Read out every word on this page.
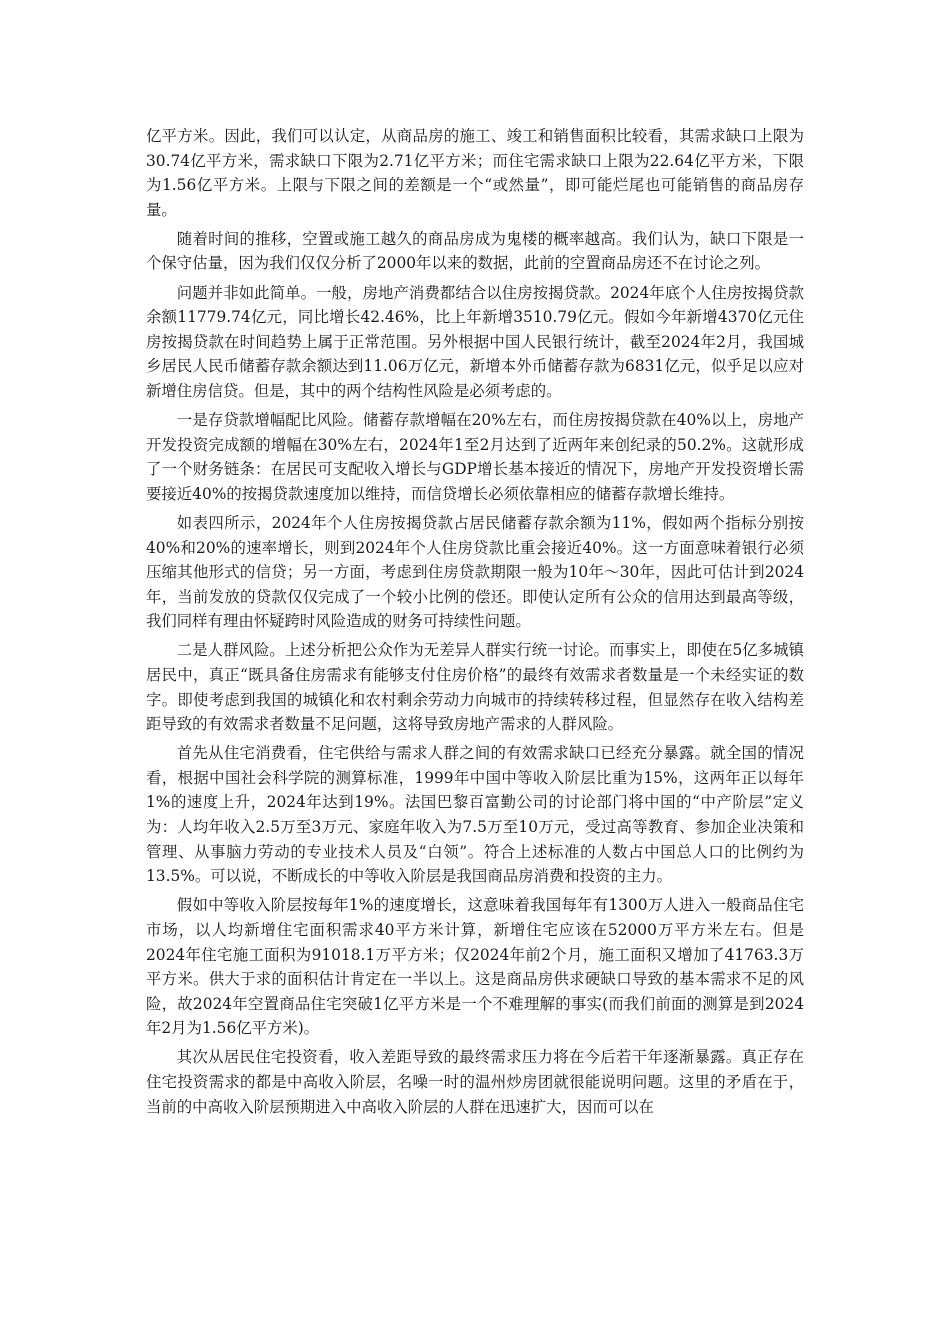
亿平方米。因此，我们可以认定，从商品房的施工、竣工和销售面积比较看，其需求缺口上限为30.74亿平方米，需求缺口下限为2.71亿平方米；而住宅需求缺口上限为22.64亿平方米，下限为1.56亿平方米。上限与下限之间的差额是一个“或然量”，即可能烂尾也可能销售的商品房存量。

随着时间的推移，空置或施工越久的商品房成为鬼楼的概率越高。我们认为，缺口下限是一个保守估量，因为我们仅仅分析了2000年以来的数据，此前的空置商品房还不在讨论之列。

问题并非如此简单。一般，房地产消费都结合以住房按揭贷款。2024年底个人住房按揭贷款余额11779.74亿元，同比增长42.46%，比上年新增3510.79亿元。假如今年新增4370亿元住房按揭贷款在时间趋势上属于正常范围。另外根据中国人民银行统计，截至2024年2月，我国城乡居民人民币储蓄存款余额达到11.06万亿元，新增本外币储蓄存款为6831亿元，似乎足以应对新增住房信贷。但是，其中的两个结构性风险是必须考虑的。

一是存贷款增幅配比风险。储蓄存款增幅在20%左右，而住房按揭贷款在40%以上，房地产开发投资完成额的增幅在30%左右，2024年1至2月达到了近两年来创纪录的50.2%。这就形成了一个财务链条：在居民可支配收入增长与GDP增长基本接近的情况下，房地产开发投资增长需要接近40%的按揭贷款速度加以维持，而信贷增长必须依靠相应的储蓄存款增长维持。

如表四所示，2024年个人住房按揭贷款占居民储蓄存款余额为11%，假如两个指标分别按40%和20%的速率增长，则到2024年个人住房贷款比重会接近40%。这一方面意味着银行必须压缩其他形式的信贷；另一方面，考虑到住房贷款期限一般为10年～30年，因此可估计到2024年，当前发放的贷款仅仅完成了一个较小比例的偿还。即使认定所有公众的信用达到最高等级，我们同样有理由怀疑跨时风险造成的财务可持续性问题。

二是人群风险。上述分析把公众作为无差异人群实行统一讨论。而事实上，即使在5亿多城镇居民中，真正“既具备住房需求有能够支付住房价格”的最终有效需求者数量是一个未经实证的数字。即使考虑到我国的城镇化和农村剩余劳动力向城市的持续转移过程，但显然存在收入结构差距导致的有效需求者数量不足问题，这将导致房地产需求的人群风险。

首先从住宅消费看，住宅供给与需求人群之间的有效需求缺口已经充分暴露。就全国的情况看，根据中国社会科学院的测算标准，1999年中国中等收入阶层比重为15%，这两年正以每年1%的速度上升，2024年达到19%。法国巴黎百富勤公司的讨论部门将中国的“中产阶层”定义为：人均年收入2.5万至3万元、家庭年收入为7.5万至10万元，受过高等教育、参加企业决策和管理、从事脑力劳动的专业技术人员及“白领”。符合上述标准的人数占中国总人口的比例约为13.5%。可以说，不断成长的中等收入阶层是我国商品房消费和投资的主力。

假如中等收入阶层按每年1%的速度增长，这意味着我国每年有1300万人进入一般商品住宅市场，以人均新增住宅面积需求40平方米计算，新增住宅应该在52000万平方米左右。但是2024年住宅施工面积为91018.1万平方米；仅2024年前2个月，施工面积又增加了41763.3万平方米。供大于求的面积估计肯定在一半以上。这是商品房供求硬缺口导致的基本需求不足的风险，故2024年空置商品住宅突破1亿平方米是一个不难理解的事实(而我们前面的测算是到2024年2月为1.56亿平方米)。

其次从居民住宅投资看，收入差距导致的最终需求压力将在今后若干年逐渐暴露。真正存在住宅投资需求的都是中高收入阶层，名噪一时的温州炒房团就很能说明问题。这里的矛盾在于，当前的中高收入阶层预期进入中高收入阶层的人群在迅速扩大，因而可以在
